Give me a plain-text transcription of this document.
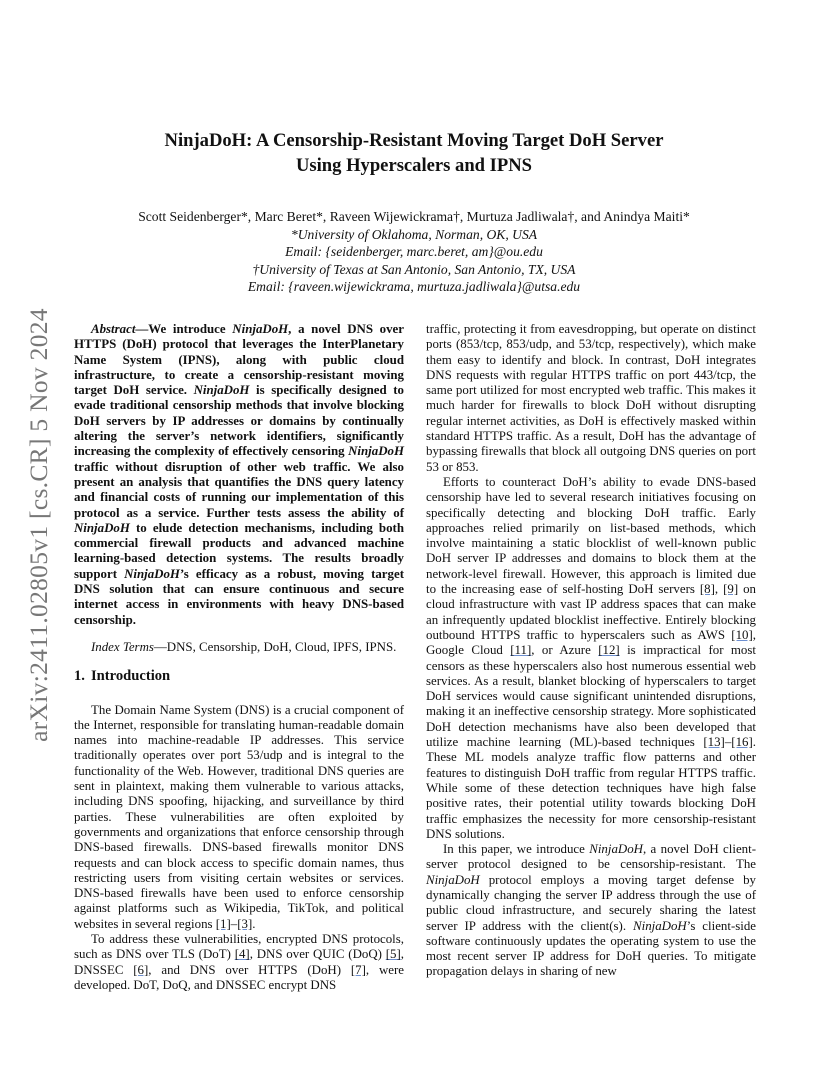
arXiv:2411.02805v1 [cs.CR] 5 Nov 2024
NinjaDoH: A Censorship-Resistant Moving Target DoH Server
Using Hyperscalers and IPNS
Scott Seidenberger*, Marc Beret*, Raveen Wijewickrama†, Murtuza Jadliwala†, and Anindya Maiti*
*University of Oklahoma, Norman, OK, USA
Email: {seidenberger, marc.beret, am}@ou.edu
†University of Texas at San Antonio, San Antonio, TX, USA
Email: {raveen.wijewickrama, murtuza.jadliwala}@utsa.edu

Abstract—We introduce NinjaDoH, a novel DNS over HTTPS (DoH) protocol that leverages the InterPlanetary Name System (IPNS), along with public cloud infrastructure, to create a censorship-resistant moving target DoH service. NinjaDoH is specifically designed to evade traditional censorship methods that involve blocking DoH servers by IP addresses or domains by continually altering the server’s network identifiers, significantly increasing the complexity of effectively censoring NinjaDoH traffic without disruption of other web traffic. We also present an analysis that quantifies the DNS query latency and financial costs of running our implementation of this protocol as a service. Further tests assess the ability of NinjaDoH to elude detection mechanisms, including both commercial firewall products and advanced machine learning-based detection systems. The results broadly support NinjaDoH’s efficacy as a robust, moving target DNS solution that can ensure continuous and secure internet access in environments with heavy DNS-based censorship.

Index Terms—DNS, Censorship, DoH, Cloud, IPFS, IPNS.

1. Introduction

The Domain Name System (DNS) is a crucial component of the Internet, responsible for translating human-readable domain names into machine-readable IP addresses. This service traditionally operates over port 53/udp and is integral to the functionality of the Web. However, traditional DNS queries are sent in plaintext, making them vulnerable to various attacks, including DNS spoofing, hijacking, and surveillance by third parties. These vulnerabilities are often exploited by governments and organizations that enforce censorship through DNS-based firewalls. DNS-based firewalls monitor DNS requests and can block access to specific domain names, thus restricting users from visiting certain websites or services. DNS-based firewalls have been used to enforce censorship against platforms such as Wikipedia, TikTok, and political websites in several regions [1]–[3].

To address these vulnerabilities, encrypted DNS protocols, such as DNS over TLS (DoT) [4], DNS over QUIC (DoQ) [5], DNSSEC [6], and DNS over HTTPS (DoH) [7], were developed. DoT, DoQ, and DNSSEC encrypt DNS

traffic, protecting it from eavesdropping, but operate on distinct ports (853/tcp, 853/udp, and 53/tcp, respectively), which make them easy to identify and block. In contrast, DoH integrates DNS requests with regular HTTPS traffic on port 443/tcp, the same port utilized for most encrypted web traffic. This makes it much harder for firewalls to block DoH without disrupting regular internet activities, as DoH is effectively masked within standard HTTPS traffic. As a result, DoH has the advantage of bypassing firewalls that block all outgoing DNS queries on port 53 or 853.

Efforts to counteract DoH’s ability to evade DNS-based censorship have led to several research initiatives focusing on specifically detecting and blocking DoH traffic. Early approaches relied primarily on list-based methods, which involve maintaining a static blocklist of well-known public DoH server IP addresses and domains to block them at the network-level firewall. However, this approach is limited due to the increasing ease of self-hosting DoH servers [8], [9] on cloud infrastructure with vast IP address spaces that can make an infrequently updated blocklist ineffective. Entirely blocking outbound HTTPS traffic to hyperscalers such as AWS [10], Google Cloud [11], or Azure [12] is impractical for most censors as these hyperscalers also host numerous essential web services. As a result, blanket blocking of hyperscalers to target DoH services would cause significant unintended disruptions, making it an ineffective censorship strategy. More sophisticated DoH detection mechanisms have also been developed that utilize machine learning (ML)-based techniques [13]–[16]. These ML models analyze traffic flow patterns and other features to distinguish DoH traffic from regular HTTPS traffic. While some of these detection techniques have high false positive rates, their potential utility towards blocking DoH traffic emphasizes the necessity for more censorship-resistant DNS solutions.

In this paper, we introduce NinjaDoH, a novel DoH client-server protocol designed to be censorship-resistant. The NinjaDoH protocol employs a moving target defense by dynamically changing the server IP address through the use of public cloud infrastructure, and securely sharing the latest server IP address with the client(s). NinjaDoH’s client-side software continuously updates the operating system to use the most recent server IP address for DoH queries. To mitigate propagation delays in sharing of new
